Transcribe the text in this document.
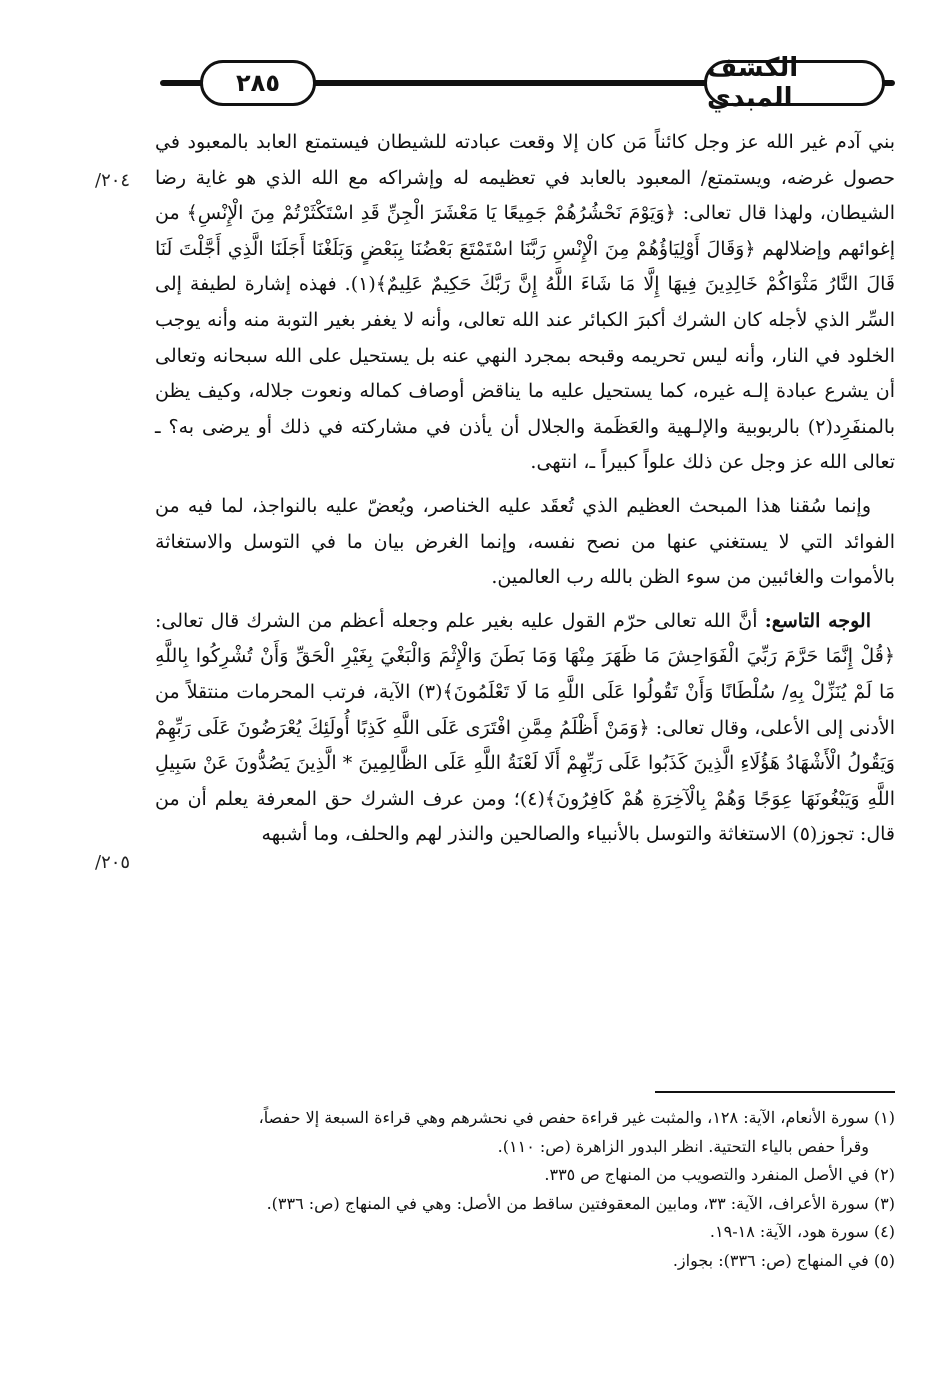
٢٨٥	الكشف المبدي
٢٠٤/
٢٠٥/

بني آدم غير الله عز وجل كائناً مَن كان إلا وقعت عبادته للشيطان فيستمتع العابد بالمعبود في حصول غرضه، ويستمتع/ المعبود بالعابد في تعظيمه له وإشراكه مع الله الذي هو غاية رضا الشيطان، ولهذا قال تعالى: ﴿وَيَوْمَ نَحْشُرُهُمْ جَمِيعًا يَا مَعْشَرَ الْجِنِّ قَدِ اسْتَكْثَرْتُمْ مِنَ الْإِنْسِ﴾ من إغوائهم وإضلالهم ﴿وَقَالَ أَوْلِيَاؤُهُمْ مِنَ الْإِنْسِ رَبَّنَا اسْتَمْتَعَ بَعْضُنَا بِبَعْضٍ وَبَلَغْنَا أَجَلَنَا الَّذِي أَجَّلْتَ لَنَا قَالَ النَّارُ مَثْوَاكُمْ خَالِدِينَ فِيهَا إِلَّا مَا شَاءَ اللَّهُ إِنَّ رَبَّكَ حَكِيمٌ عَلِيمٌ﴾(١). فهذه إشارة لطيفة إلى السِّر الذي لأجله كان الشرك أكبرَ الكبائر عند الله تعالى، وأنه لا يغفر بغير التوبة منه وأنه يوجب الخلود في النار، وأنه ليس تحريمه وقبحه بمجرد النهي عنه بل يستحيل على الله سبحانه وتعالى أن يشرع عبادة إلـه غيره، كما يستحيل عليه ما يناقض أوصاف كماله ونعوت جلاله، وكيف يظن بالمنفَرِد(٢) بالربوبية والإلـهية والعَظَمة والجلال أن يأذن في مشاركته في ذلك أو يرضى به؟ ـ تعالى الله عز وجل عن ذلك علواً كبيراً ـ، انتهى.

وإنما سُقنا هذا المبحث العظيم الذي تُعقَد عليه الخناصر، ويُعضّ عليه بالنواجذ، لما فيه من الفوائد التي لا يستغني عنها من نصح نفسه، وإنما الغرض بيان ما في التوسل والاستغاثة بالأموات والغائبين من سوء الظن بالله رب العالمين.

الوجه التاسع: أنَّ الله تعالى حرّم القول عليه بغير علم وجعله أعظم من الشرك قال تعالى: ﴿قُلْ إِنَّمَا حَرَّمَ رَبِّيَ الْفَوَاحِشَ مَا ظَهَرَ مِنْهَا وَمَا بَطَنَ وَالْإِثْمَ وَالْبَغْيَ بِغَيْرِ الْحَقِّ وَأَنْ تُشْرِكُوا بِاللَّهِ مَا لَمْ يُنَزِّلْ بِهِ/ سُلْطَانًا وَأَنْ تَقُولُوا عَلَى اللَّهِ مَا لَا تَعْلَمُونَ﴾(٣) الآية، فرتب المحرمات منتقلاً من الأدنى إلى الأعلى، وقال تعالى: ﴿وَمَنْ أَظْلَمُ مِمَّنِ افْتَرَى عَلَى اللَّهِ كَذِبًا أُولَئِكَ يُعْرَضُونَ عَلَى رَبِّهِمْ وَيَقُولُ الْأَشْهَادُ هَؤُلَاءِ الَّذِينَ كَذَبُوا عَلَى رَبِّهِمْ أَلَا لَعْنَةُ اللَّهِ عَلَى الظَّالِمِينَ * الَّذِينَ يَصُدُّونَ عَنْ سَبِيلِ اللَّهِ وَيَبْغُونَهَا عِوَجًا وَهُمْ بِالْآخِرَةِ هُمْ كَافِرُونَ﴾(٤)؛ ومن عرف الشرك حق المعرفة يعلم أن من قال: تجوز(٥) الاستغاثة والتوسل بالأنبياء والصالحين والنذر لهم والحلف، وما أشبهه

(١) سورة الأنعام، الآية: ١٢٨، والمثبت غير قراءة حفص في نحشرهم وهي قراءة السبعة إلا حفصاً،

وقرأ حفص بالياء التحتية. انظر البدور الزاهرة (ص: ١١٠).

(٢) في الأصل المنفرد والتصويب من المنهاج ص ٣٣٥.

(٣) سورة الأعراف، الآية: ٣٣، ومابين المعقوفتين ساقط من الأصل: وهي في المنهاج (ص: ٣٣٦).

(٤) سورة هود، الآية: ١٨-١٩.

(٥) في المنهاج (ص: ٣٣٦): بجواز.
